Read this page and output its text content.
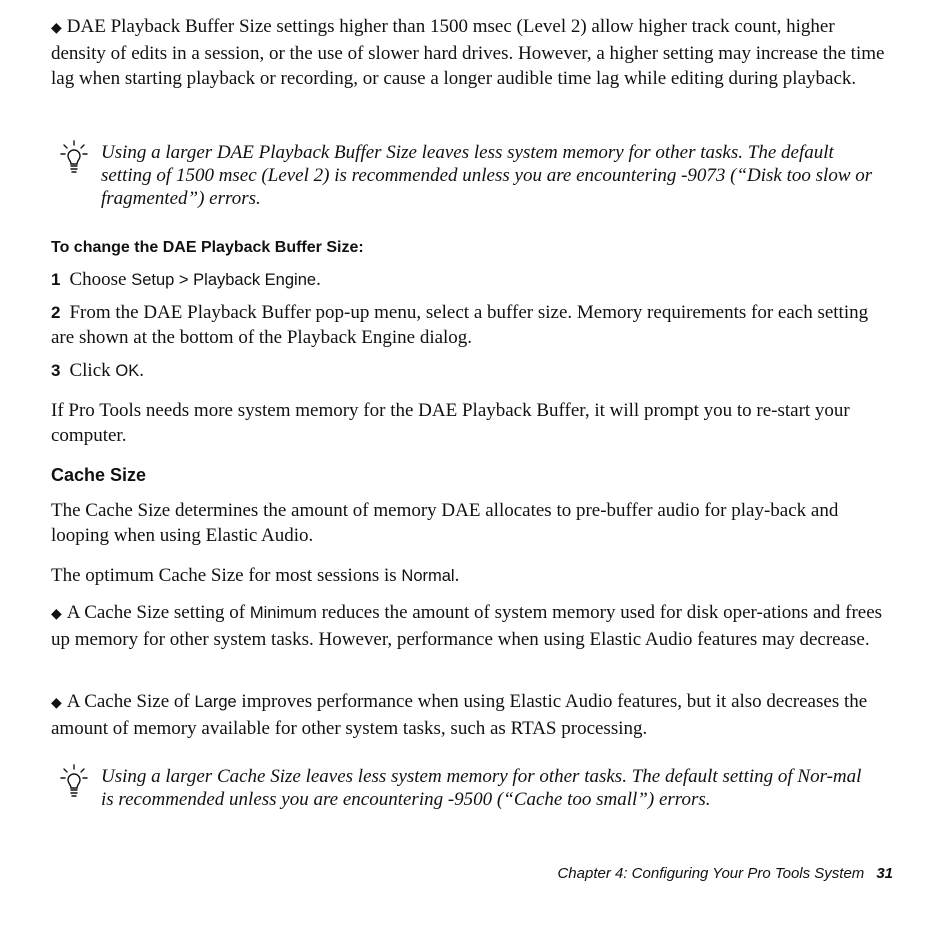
◆ DAE Playback Buffer Size settings higher than 1500 msec (Level 2) allow higher track count, higher density of edits in a session, or the use of slower hard drives. However, a higher setting may increase the time lag when starting playback or recording, or cause a longer audible time lag while editing during playback.

Using a larger DAE Playback Buffer Size leaves less system memory for other tasks. The default setting of 1500 msec (Level 2) is recommended unless you are encountering -9073 (“Disk too slow or fragmented”) errors.

To change the DAE Playback Buffer Size:

1 Choose Setup > Playback Engine.

2 From the DAE Playback Buffer pop-up menu, select a buffer size. Memory requirements for each setting are shown at the bottom of the Playback Engine dialog.

3 Click OK.

If Pro Tools needs more system memory for the DAE Playback Buffer, it will prompt you to re-start your computer.

Cache Size

The Cache Size determines the amount of memory DAE allocates to pre-buffer audio for play-back and looping when using Elastic Audio.

The optimum Cache Size for most sessions is Normal.

◆ A Cache Size setting of Minimum reduces the amount of system memory used for disk oper-ations and frees up memory for other system tasks. However, performance when using Elastic Audio features may decrease.

◆ A Cache Size of Large improves performance when using Elastic Audio features, but it also decreases the amount of memory available for other system tasks, such as RTAS processing.

Using a larger Cache Size leaves less system memory for other tasks. The default setting of Nor-mal is recommended unless you are encountering -9500 (“Cache too small”) errors.

Chapter 4: Configuring Your Pro Tools System 31
